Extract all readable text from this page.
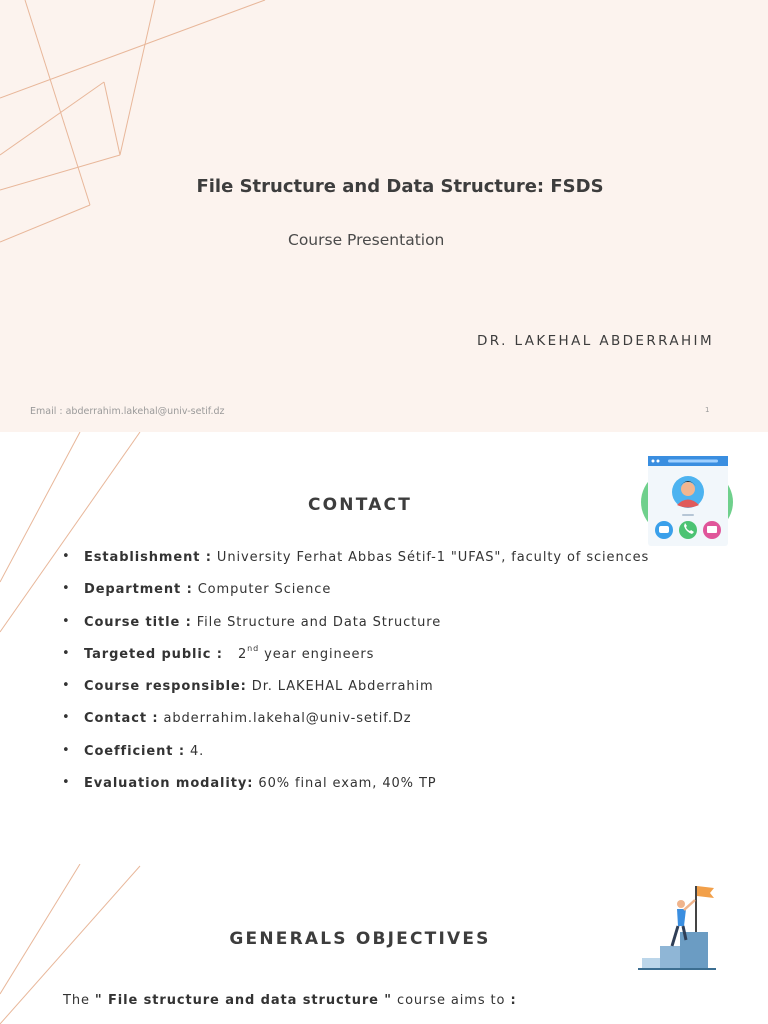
File Structure and Data Structure: FSDS
Course Presentation
DR. LAKEHAL ABDERRAHIM
Email : abderrahim.lakehal@univ-setif.dz	1
CONTACT
• Establishment : University Ferhat Abbas Sétif-1 "UFAS", faculty of sciences
• Department : Computer Science
• Course title : File Structure and Data Structure
• Targeted public : 2nd year engineers
• Course responsible: Dr. LAKEHAL Abderrahim
• Contact : abderrahim.lakehal@univ-setif.Dz
• Coefficient : 4.
• Evaluation modality: 60% final exam, 40% TP
GENERALS OBJECTIVES

The " File structure and data structure " course aims to :
